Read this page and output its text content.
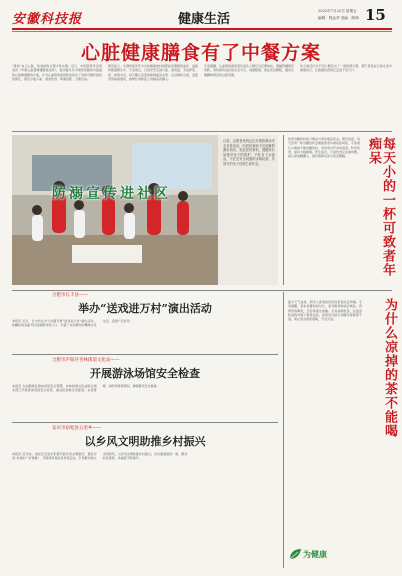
安徽科技报	健康生活
2022年7月22日 星期五
编辑：程远华 美编：陈海 15
心脏健康膳食有了中餐方案
“善待”自己心脏，饮食结构合理才是关键。近日，中国营养学会等发布《中国心血管健康膳食指导》，首次提出以中国传统膳食为基础的心脏健康膳食方案，针对心血管疾病的防治给出了具体可操作的饮食建议，倡导少盐少油、清淡饮食、荤素搭配、合理运动。
研究显示，中餐传统烹饪方式和健康食材搭配能显著降低血压、血脂和胆固醇水平。专家建议，日常烹饪应减少盐、油用量，多选择蒸、煮、炖等方式，每天摄入足量的新鲜蔬菜水果、全谷物和豆类，适量食用鱼禽蛋奶，控制红肉和加工肉制品的摄入。
专家提醒，心血管疾病患者及高危人群应当定期体检，遵循医嘱规范用药，同时保持良好的生活方式，戒烟限酒，保证充足睡眠，避免长期精神紧张和过度劳累。
该方案还针对不同人群给出了一周食谱示例，便于居民在日常生活中参照执行，让健康饮食真正走进千家万户。
防溺宣传进社区
日前，志愿者来到社区开展防溺水安全宣传活动，向居民和孩子们讲解防溺水知识，发放宣传资料，提醒家长加强对孩子的看护，不私自下水游泳，不在无安全设施的水域玩耍，共同守护孩子们的生命安全。
饮用含糖饮料的习惯也与老年痴呆有关。研究发现，每天饮用一杯含糖饮料会增加患老年痴呆的风险，专家建议少喝或不喝含糖饮料，多饮用白开水和淡茶，科学饮食，保持大脑健康。医生指出，日常饮食应注重均衡，减少添加糖摄入，保持规律运动与充足睡眠。	每天小的一杯可致者年痴呆
合肥市长丰县——
举办“送戏进万村”演出活动
本报讯 近日，长丰县在多个乡镇开展“送戏进万村”演出活动，将精彩的戏曲节目送到群众家门口，丰富了农村群众的精神文化生活，受到广泛好评。
合肥市庐阳区杏林街道文化站——
开展游泳场馆安全检查
本报讯 为加强辖区游泳场馆安全管理，杏林街道文化站联合相关部门开展游泳场馆安全检查，重点检查救生员配备、水质管理、消防设施等情况，确保群众安全健身。
安庆市宿松县五里乡——
以乡风文明助推乡村振兴
本报讯 近年来，宿松县五里乡积极开展乡风文明建设，通过评选“好媳妇”“好婆婆”、开展移风易俗宣传等活动，引导群众树立文明新风，以乡风文明助推乡村振兴，乡村面貌焕然一新，群众的获得感、幸福感不断提升。
夏天天气炎热，很多人喜欢把泡好的茶放凉后再喝。专家提醒，茶水放置时间过长，茶多酚等物质会氧化，营养价值降低，还容易滋生细菌。尤其是隔夜茶，在温度较高的环境下极易变质，饮用后可能引起腹泻等肠胃不适。建议茶水现泡现喝，不宜久放。	为什么凉掉的茶不能喝
为健康
